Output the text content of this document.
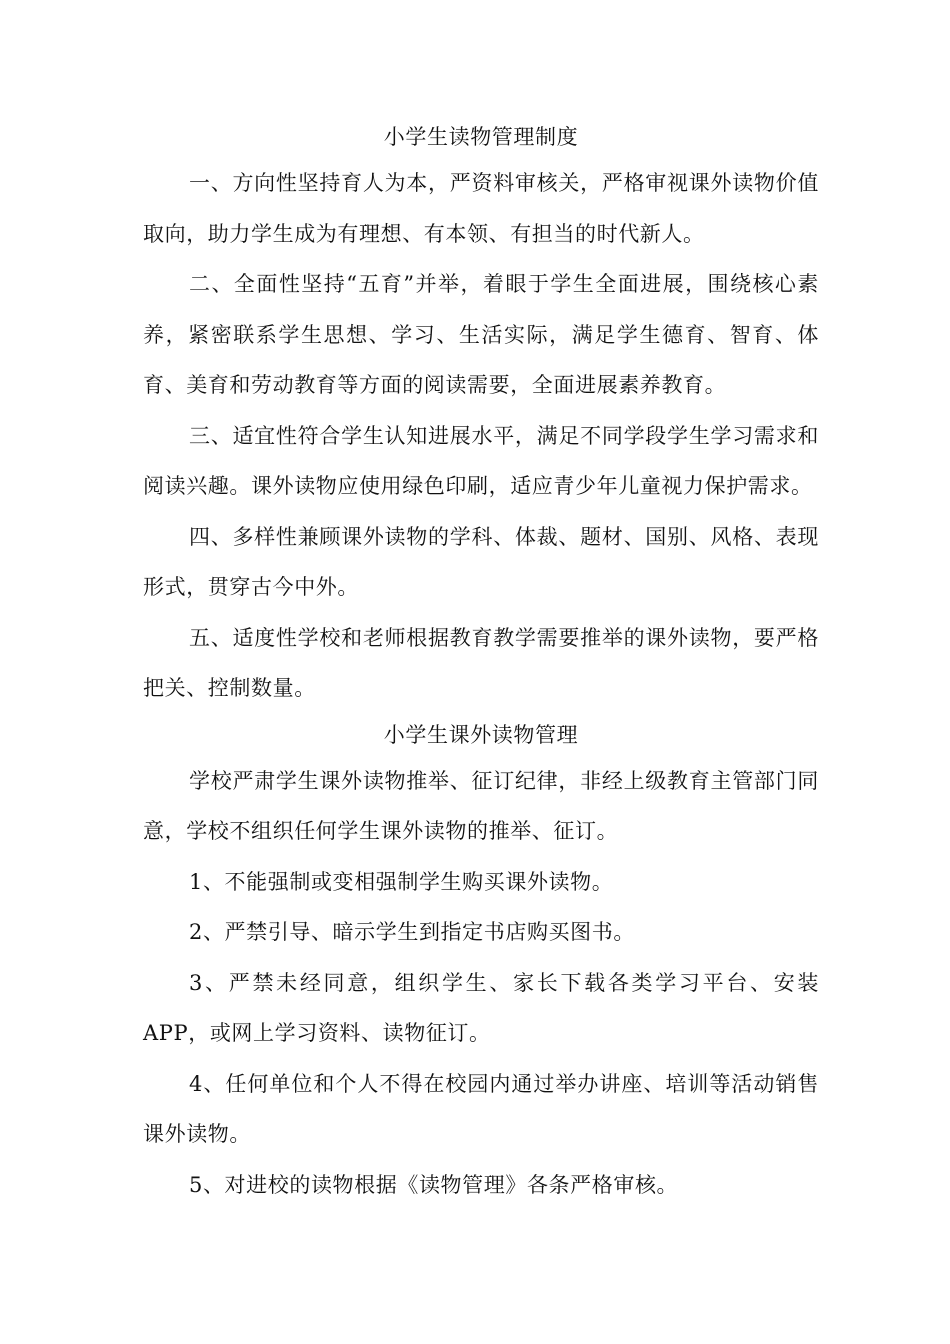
小学生读物管理制度

一、方向性坚持育人为本，严资料审核关，严格审视课外读物价值取向，助力学生成为有理想、有本领、有担当的时代新人。

二、全面性坚持“五育”并举，着眼于学生全面进展，围绕核心素养，紧密联系学生思想、学习、生活实际，满足学生德育、智育、体育、美育和劳动教育等方面的阅读需要，全面进展素养教育。

三、适宜性符合学生认知进展水平，满足不同学段学生学习需求和阅读兴趣。课外读物应使用绿色印刷，适应青少年儿童视力保护需求。

四、多样性兼顾课外读物的学科、体裁、题材、国别、风格、表现形式，贯穿古今中外。

五、适度性学校和老师根据教育教学需要推举的课外读物，要严格把关、控制数量。

小学生课外读物管理

学校严肃学生课外读物推举、征订纪律，非经上级教育主管部门同意，学校不组织任何学生课外读物的推举、征订。

1、不能强制或变相强制学生购买课外读物。

2、严禁引导、暗示学生到指定书店购买图书。

3、严禁未经同意，组织学生、家长下载各类学习平台、安装APP，或网上学习资料、读物征订。

4、任何单位和个人不得在校园内通过举办讲座、培训等活动销售课外读物。

5、对进校的读物根据《读物管理》各条严格审核。
